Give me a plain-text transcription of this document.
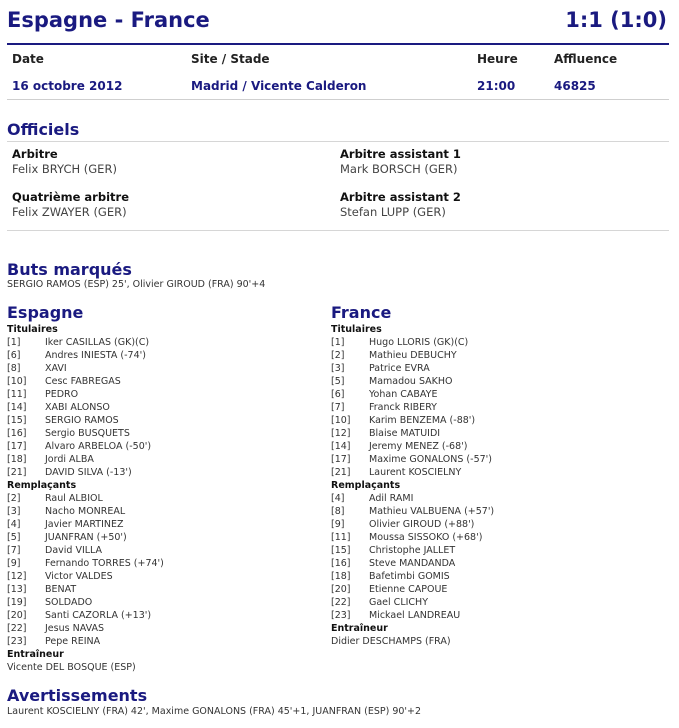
Espagne - France	1:1 (1:0)
Date	Site / Stade	Heure	Affluence
16 octobre 2012	Madrid / Vicente Calderon	21:00	46825
Officiels
Arbitre
Felix BRYCH (GER)
Arbitre assistant 1
Mark BORSCH (GER)
Quatrième arbitre
Felix ZWAYER (GER)
Arbitre assistant 2
Stefan LUPP (GER)
Buts marqués
SERGIO RAMOS (ESP) 25', Olivier GIROUD (FRA) 90'+4
Espagne
Titulaires
[1]	Iker CASILLAS (GK)(C)
[6]	Andres INIESTA (-74')
[8]	XAVI
[10] Cesc FABREGAS
[11] PEDRO
[14] XABI ALONSO
[15] SERGIO RAMOS
[16] Sergio BUSQUETS
[17] Alvaro ARBELOA (-50')
[18] Jordi ALBA
[21] DAVID SILVA (-13')
Remplaçants
[2]	Raul ALBIOL
[3]	Nacho MONREAL
[4]	Javier MARTINEZ
[5]	JUANFRAN (+50')
[7]	David VILLA
[9]	Fernando TORRES (+74')
[12] Victor VALDES
[13] BENAT
[19] SOLDADO
[20] Santi CAZORLA (+13')
[22] Jesus NAVAS
[23] Pepe REINA
Entraîneur
Vicente DEL BOSQUE (ESP)
France
Titulaires
[1]	Hugo LLORIS (GK)(C)
[2]	Mathieu DEBUCHY
[3]	Patrice EVRA
[5]	Mamadou SAKHO
[6]	Yohan CABAYE
[7]	Franck RIBERY
[10] Karim BENZEMA (-88')
[12] Blaise MATUIDI
[14] Jeremy MENEZ (-68')
[17] Maxime GONALONS (-57')
[21] Laurent KOSCIELNY
Remplaçants
[4]	Adil RAMI
[8]	Mathieu VALBUENA (+57')
[9]	Olivier GIROUD (+88')
[11] Moussa SISSOKO (+68')
[15] Christophe JALLET
[16] Steve MANDANDA
[18] Bafetimbi GOMIS
[20] Etienne CAPOUE
[22] Gael CLICHY
[23] Mickael LANDREAU
Entraîneur
Didier DESCHAMPS (FRA)
Avertissements
Laurent KOSCIELNY (FRA) 42', Maxime GONALONS (FRA) 45'+1, JUANFRAN (ESP) 90'+2
